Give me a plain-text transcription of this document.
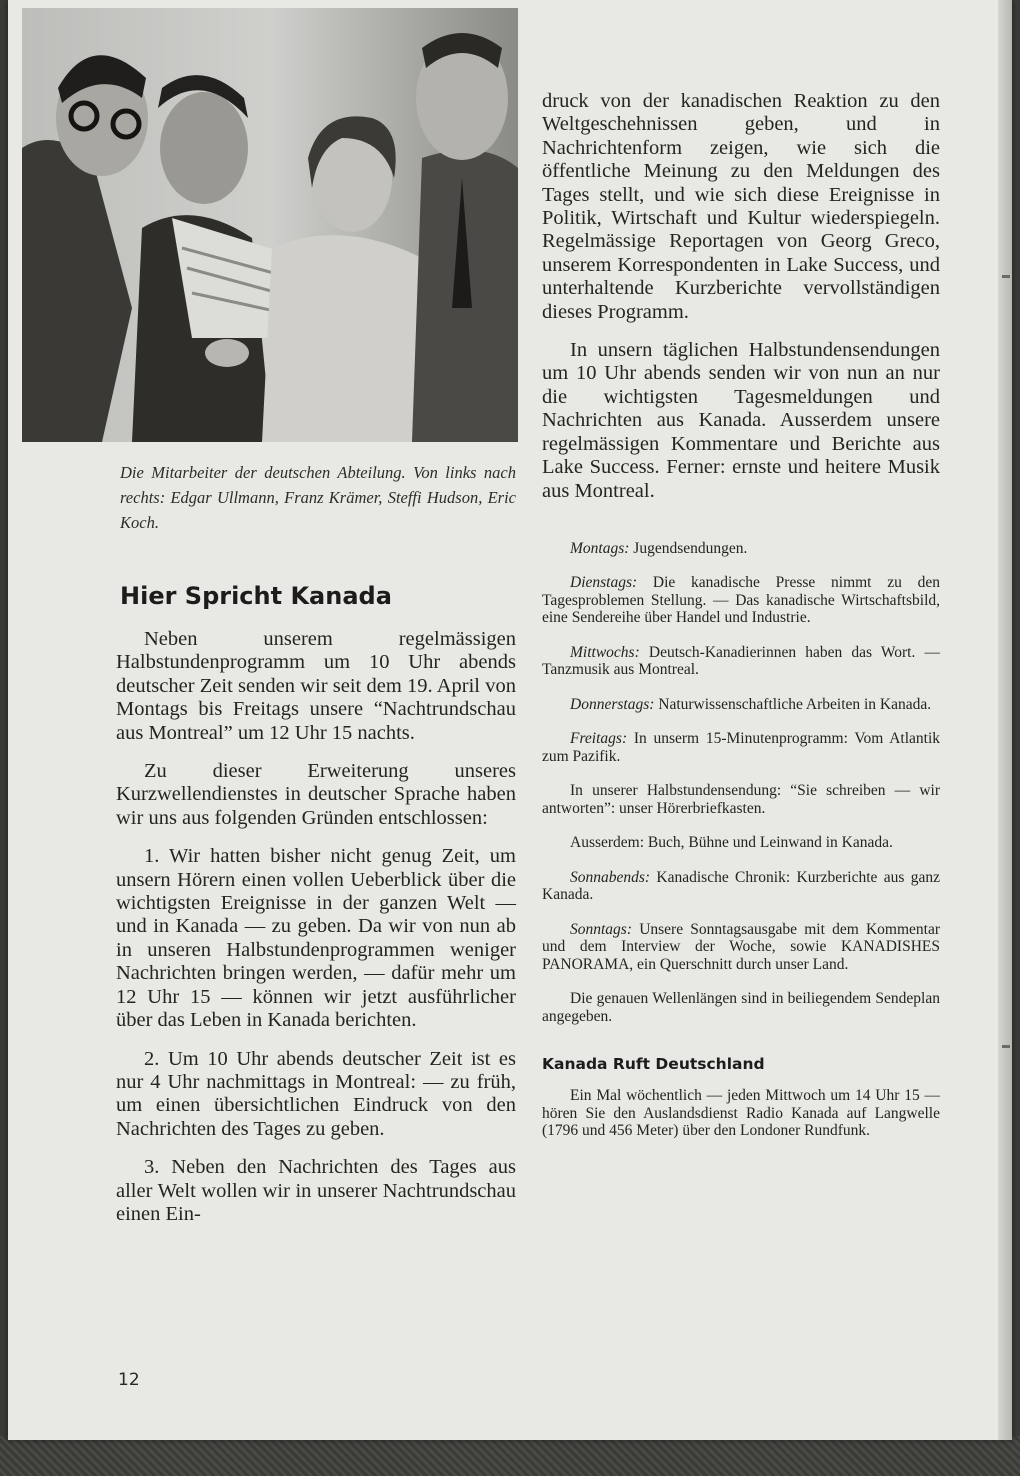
Die Mitarbeiter der deutschen Abteilung. Von links nach rechts: Edgar Ullmann, Franz Krämer, Steffi Hudson, Eric Koch.
Hier Spricht Kanada

Neben unserem regelmässigen Halbstundenprogramm um 10 Uhr abends deutscher Zeit senden wir seit dem 19. April von Montags bis Freitags unsere “Nachtrundschau aus Montreal” um 12 Uhr 15 nachts.

Zu dieser Erweiterung unseres Kurzwellendienstes in deutscher Sprache haben wir uns aus folgenden Gründen entschlossen:

1. Wir hatten bisher nicht genug Zeit, um unsern Hörern einen vollen Ueberblick über die wichtigsten Ereignisse in der ganzen Welt — und in Kanada — zu geben. Da wir von nun ab in unseren Halbstundenprogrammen weniger Nachrichten bringen werden, — dafür mehr um 12 Uhr 15 — können wir jetzt ausführlicher über das Leben in Kanada berichten.

2. Um 10 Uhr abends deutscher Zeit ist es nur 4 Uhr nachmittags in Montreal: — zu früh, um einen übersichtlichen Eindruck von den Nachrichten des Tages zu geben.

3. Neben den Nachrichten des Tages aus aller Welt wollen wir in unserer Nachtrundschau einen Ein-

druck von der kanadischen Reaktion zu den Weltgeschehnissen geben, und in Nachrichtenform zeigen, wie sich die öffentliche Meinung zu den Meldungen des Tages stellt, und wie sich diese Ereignisse in Politik, Wirtschaft und Kultur wiederspiegeln. Regelmässige Reportagen von Georg Greco, unserem Korrespondenten in Lake Success, und unterhaltende Kurzberichte vervollständigen dieses Programm.

In unsern täglichen Halbstundensendungen um 10 Uhr abends senden wir von nun an nur die wichtigsten Tagesmeldungen und Nachrichten aus Kanada. Ausserdem unsere regelmässigen Kommentare und Berichte aus Lake Success. Ferner: ernste und heitere Musik aus Montreal.

Montags: Jugendsendungen.

Dienstags: Die kanadische Presse nimmt zu den Tagesproblemen Stellung. — Das kanadische Wirtschaftsbild, eine Sendereihe über Handel und Industrie.

Mittwochs: Deutsch-Kanadierinnen haben das Wort. — Tanzmusik aus Montreal.

Donnerstags: Naturwissenschaftliche Arbeiten in Kanada.

Freitags: In unserm 15-Minutenprogramm: Vom Atlantik zum Pazifik.

In unserer Halbstundensendung: “Sie schreiben — wir antworten”: unser Hörerbriefkasten.

Ausserdem: Buch, Bühne und Leinwand in Kanada.

Sonnabends: Kanadische Chronik: Kurzberichte aus ganz Kanada.

Sonntags: Unsere Sonntagsausgabe mit dem Kommentar und dem Interview der Woche, sowie KANADISHES PANORAMA, ein Querschnitt durch unser Land.

Die genauen Wellenlängen sind in beiliegendem Sendeplan angegeben.

Kanada Ruft Deutschland

Ein Mal wöchentlich — jeden Mittwoch um 14 Uhr 15 — hören Sie den Auslandsdienst Radio Kanada auf Langwelle (1796 und 456 Meter) über den Londoner Rundfunk.

12
